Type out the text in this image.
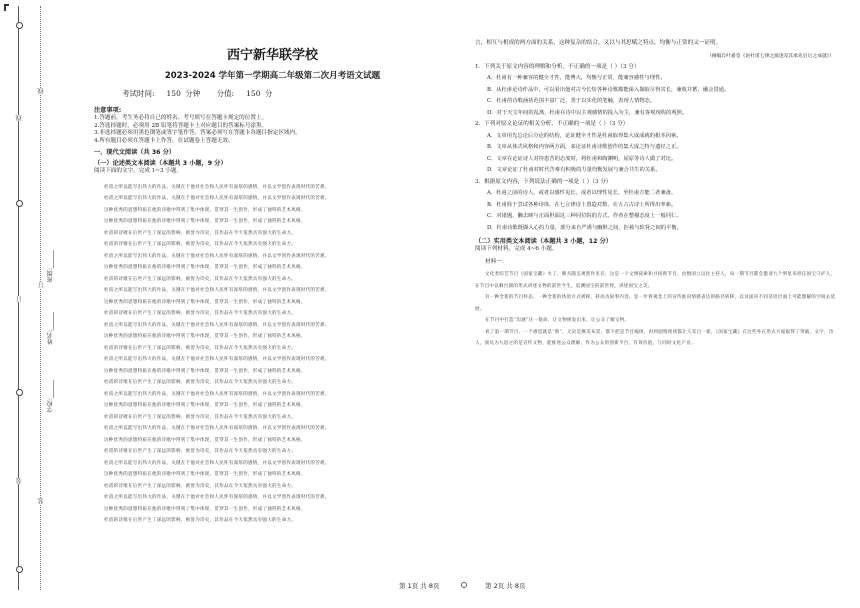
线
订
装
线
订
装
班级:______
姓名:______
学校:______
西宁新华联学校
2023-2024 学年第一学期高二年级第二次月考语文试题
考试时间: 150 分钟 分值: 150 分
注意事项:

1.答题前，考生务必将自己的姓名、考号填写在答题卡规定的位置上。

2.答选择题时，必须用 2B 铅笔将答题卡上对应题目的答案标号涂黑。

3.非选择题必须用黑色钢笔或签字笔作答，答案必须写在答题卡各题目指定区域内。

4.所有题目必须在答题卡上作答，在试题卷上答题无效。

一、现代文阅读（共 36 分）
（一）论述类文本阅读（本题共 3 小题，9 分）

阅读下面的文字，完成 1~3 小题。

杜甫之所以能写出伟大的作品，关键在于他对社会和人民怀有深厚的感情，并以文学创作表现时代的苦难。

杜甫之所以能写出伟大的作品，关键在于他对社会和人民怀有深厚的感情，并以文学创作表现时代的苦难。

这种优秀的思想特质在他的诗歌中得到了集中体现，贯穿其一生创作，形成了独特的艺术风格。

这种优秀的思想特质在他的诗歌中得到了集中体现，贯穿其一生创作，形成了独特的艺术风格。

杜甫的诗歌在后世产生了深远的影响，被誉为诗史，其作品在今天依然具有强大的生命力。

杜甫的诗歌在后世产生了深远的影响，被誉为诗史，其作品在今天依然具有强大的生命力。

杜甫之所以能写出伟大的作品，关键在于他对社会和人民怀有深厚的感情，并以文学创作表现时代的苦难。

这种优秀的思想特质在他的诗歌中得到了集中体现，贯穿其一生创作，形成了独特的艺术风格。

杜甫的诗歌在后世产生了深远的影响，被誉为诗史，其作品在今天依然具有强大的生命力。

杜甫之所以能写出伟大的作品，关键在于他对社会和人民怀有深厚的感情，并以文学创作表现时代的苦难。

这种优秀的思想特质在他的诗歌中得到了集中体现，贯穿其一生创作，形成了独特的艺术风格。

杜甫的诗歌在后世产生了深远的影响，被誉为诗史，其作品在今天依然具有强大的生命力。

杜甫之所以能写出伟大的作品，关键在于他对社会和人民怀有深厚的感情，并以文学创作表现时代的苦难。

这种优秀的思想特质在他的诗歌中得到了集中体现，贯穿其一生创作，形成了独特的艺术风格。

杜甫的诗歌在后世产生了深远的影响，被誉为诗史，其作品在今天依然具有强大的生命力。

杜甫之所以能写出伟大的作品，关键在于他对社会和人民怀有深厚的感情，并以文学创作表现时代的苦难。

这种优秀的思想特质在他的诗歌中得到了集中体现，贯穿其一生创作，形成了独特的艺术风格。

杜甫的诗歌在后世产生了深远的影响，被誉为诗史，其作品在今天依然具有强大的生命力。

杜甫之所以能写出伟大的作品，关键在于他对社会和人民怀有深厚的感情，并以文学创作表现时代的苦难。

这种优秀的思想特质在他的诗歌中得到了集中体现，贯穿其一生创作，形成了独特的艺术风格。

杜甫的诗歌在后世产生了深远的影响，被誉为诗史，其作品在今天依然具有强大的生命力。

杜甫之所以能写出伟大的作品，关键在于他对社会和人民怀有深厚的感情，并以文学创作表现时代的苦难。

这种优秀的思想特质在他的诗歌中得到了集中体现，贯穿其一生创作，形成了独特的艺术风格。

杜甫的诗歌在后世产生了深远的影响，被誉为诗史，其作品在今天依然具有强大的生命力。

杜甫之所以能写出伟大的作品，关键在于他对社会和人民怀有深厚的感情，并以文学创作表现时代的苦难。

这种优秀的思想特质在他的诗歌中得到了集中体现，贯穿其一生创作，形成了独特的艺术风格。

杜甫的诗歌在后世产生了深远的影响，被誉为诗史，其作品在今天依然具有强大的生命力。

杜甫之所以能写出伟大的作品，关键在于他对社会和人民怀有深厚的感情，并以文学创作表现时代的苦难。

这种优秀的思想特质在他的诗歌中得到了集中体现，贯穿其一生创作，形成了独特的艺术风格。

杜甫的诗歌在后世产生了深远的影响，被誉为诗史，其作品在今天依然具有强大的生命力。

言，相互与相成的两方面的关系，这种复杂的结合，又以与其思赋之特点，均衡与正常的又一证明。

（摘编自叶嘉莹《论杜甫七律之演进及其承先启后之成就》）

1．下列关于原文内容的理解和分析，不正确的一项是（ ）（3 分）

A．杜甫有一种兼容的健全才性，能博大，均衡与正常，能兼容感性与理性。

B．从杜甫论诗作品中，可以看出他对古今长短各种诗歌都能深入撷取尽得其长，兼收并蓄，融会贯通。

C．杜甫的诗歌涵括范围丰富广泛，善于以实化的笔触，表现人情物态。

D．对于天宝年间的乱离，杜甫在诗中以主观感情的投入为主，兼有客观现构的观照。

2．下列对原文论证的相关分析，不正确的一项是（ ）（3 分）

A．文章用先总论后分论的结构，论证健全才性是杜甫取得集大成成就的根本因素。

B．文章从体式风格和内容两方面，来论证杜甫诗歌创作的集大成之特与遗径之正。

C．文章在论证诗人对待患苦的态度时，将杜甫和陶渊明，屈原等诗人做了对比。

D．文章论证了杜甫对时代苦难有积极的力量均衡发展与兼合共生的关系。

3．根据原文内容，下列说法正确的一项是（ ）（3 分）

A．杜甫之前的诗人，或者以感性见长，或者以理性见长，至杜甫方能二者兼备。

B．杜甫简于尝试各种诗体，在七言律诗上置造对数，在五言古诗上所得出率新。

C．对诸题，獭去映与正面担面这三种同位院的方式，作者在整描态度上一般同仁。

D．杜甫诗歌既撷入心的力量，部分来自严谨与幽默之间，拒莜与软肾之间的平衡。

（二）实用类文本阅读（本题共 3 小题，12 分）

阅读下列材料，完成 4~6 小题。

材料一：

文化类综艺节目《国家宝藏》火了，朝夫随呈观创作见在，这是一个文博探索和寻找新节目，由数国立以往主持人，每一期节目都会邀请九个明星来担任国宝守护人，在节目中以舞台剧的形式讲述文物的前世今生，追溯国宝的前世现，讲述国宝之美。

有一种全新的节目样态，一种全新的体验方式被称，转而为叙事内容，是一步将观念上的宣传推向情感表达的路径转移，以及面向不同话语层面上可能理解的空间去延展。

在节目中打造“沟通”这一使命，让文物焕发出来，让公众了解文物。

看了第一期节目，一个感觉就是“新”，无论是舞美布景，都不把是节目编排，再到剧情现场都让人耳目一新，《国家宝藏》在这些外在形式方面取得了突破，文字，诗人，演员为九思之的是宣传文物，能推进公众理解，作为公众的创新平台，有效价值，与同时文化产业。

第 1页 共 8页	第 2页 共 8页
